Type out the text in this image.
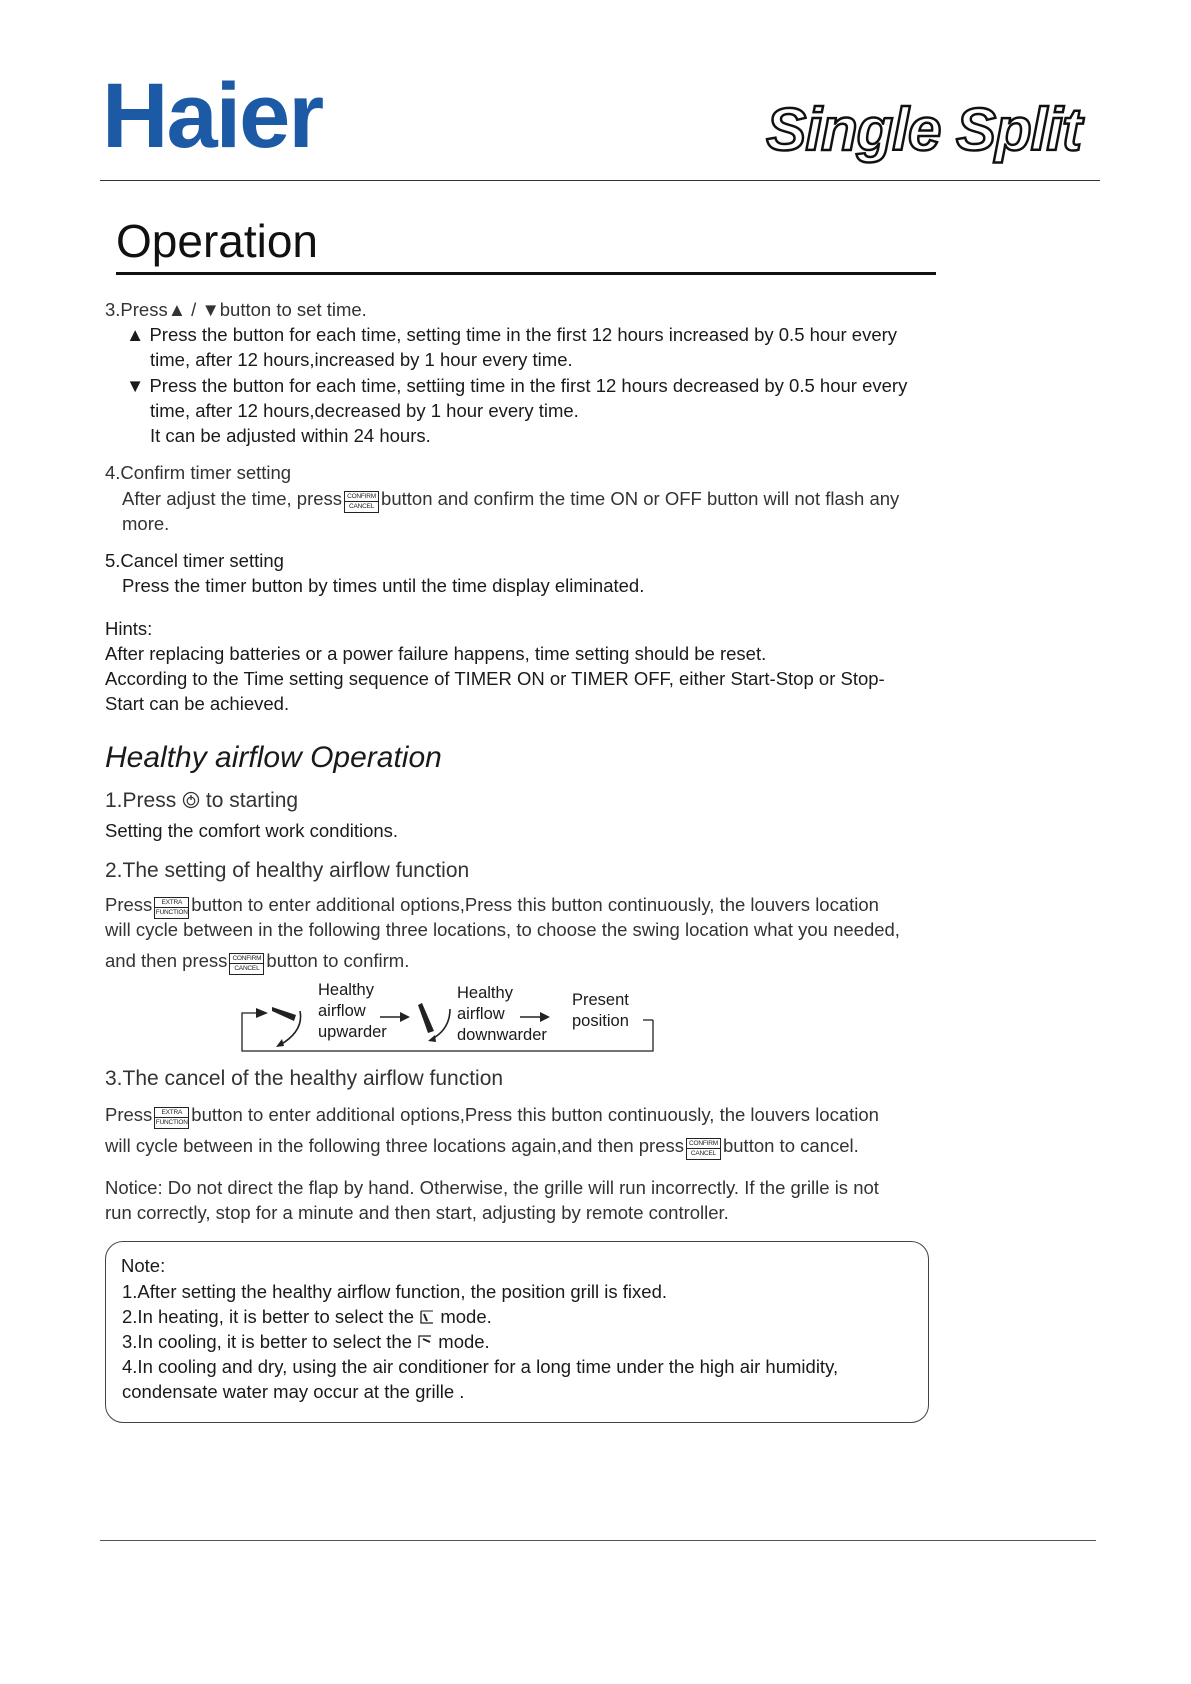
Haier	Single Split
Operation
3.Press▲ / ▼button to set time.
▲ Press the button for each time, setting time in the first 12 hours increased by 0.5 hour every
time, after 12 hours,increased by 1 hour every time.
▼ Press the button for each time, settiing time in the first 12 hours decreased by 0.5 hour every
time, after 12 hours,decreased by 1 hour every time.
It can be adjusted within 24 hours.
4.Confirm timer setting
After adjust the time, press CONFIRM
CANCEL button and confirm the time ON or OFF button will not flash any
more.
5.Cancel timer setting
Press the timer button by times until the time display eliminated.
Hints:
After replacing batteries or a power failure happens, time setting should be reset.
According to the Time setting sequence of TIMER ON or TIMER OFF, either Start-Stop or Stop-
Start can be achieved.
Healthy airflow Operation
1.Press to starting
Setting the comfort work conditions.
2.The setting of healthy airflow function
Press	EXTRA
FUNCTION button to enter additional options,Press this button continuously, the louvers location
will cycle between in the following three locations, to choose the swing location what you needed,
and then press CONFIRM
CANCEL button to confirm.
Healthy
airflow
upwarder
Healthy
airflow
downwarder
Present
position
3.The cancel of the healthy airflow function
Press	EXTRA
FUNCTION button to enter additional options,Press this button continuously, the louvers location
will cycle between in the following three locations again,and then press CONFIRM
CANCEL button to cancel.
Notice: Do not direct the flap by hand. Otherwise, the grille will run incorrectly. If the grille is not
run correctly, stop for a minute and then start, adjusting by remote controller.
Note:
1.After setting the healthy airflow function, the position grill is fixed.
2.In heating, it is better to select the mode.
3.In cooling, it is better to select the mode.
4.In cooling and dry, using the air conditioner for a long time under the high air humidity,
condensate water may occur at the grille .
